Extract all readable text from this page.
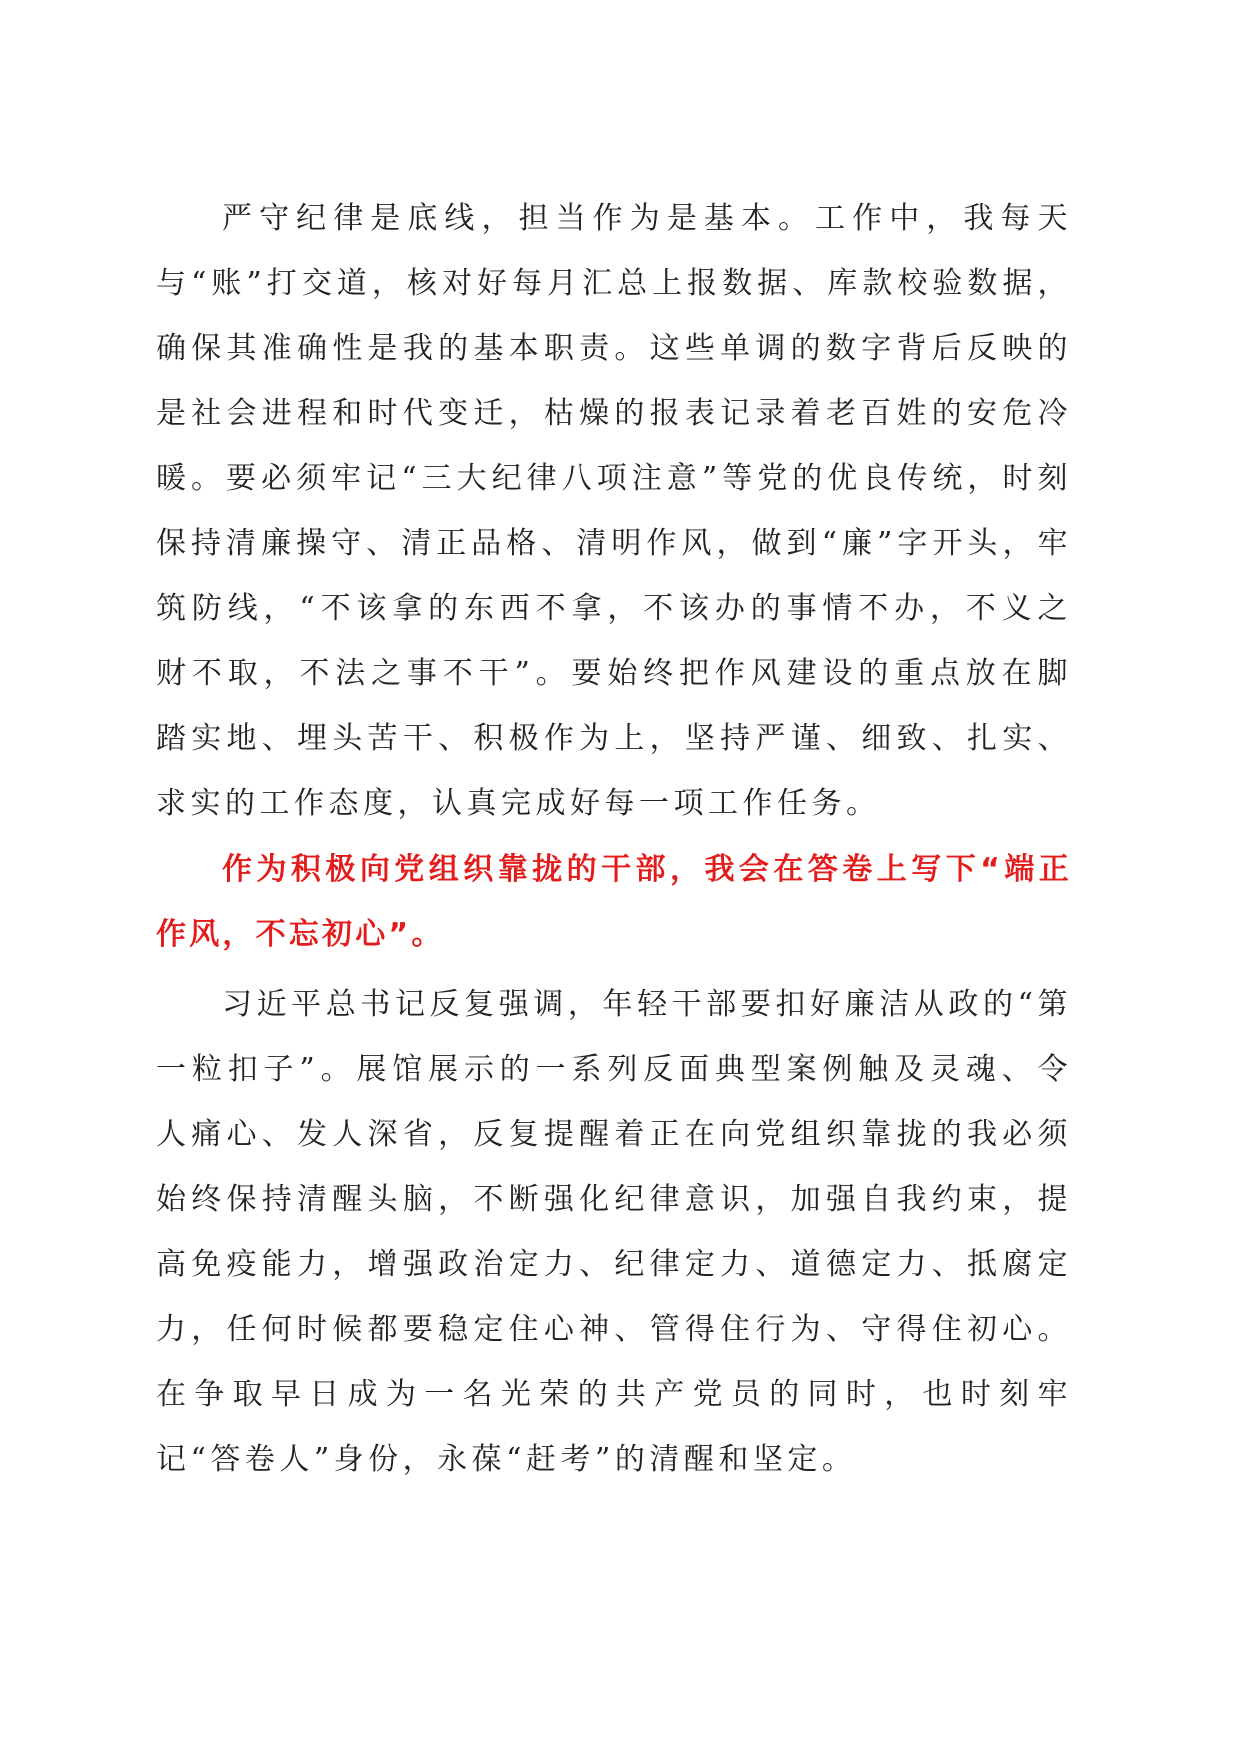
严守纪律是底线，担当作为是基本。工作中，我每天与“账”打交道，核对好每月汇总上报数据、库款校验数据，确保其准确性是我的基本职责。这些单调的数字背后反映的是社会进程和时代变迁，枯燥的报表记录着老百姓的安危冷暖。要必须牢记“三大纪律八项注意”等党的优良传统，时刻保持清廉操守、清正品格、清明作风，做到“廉”字开头，牢筑防线，“不该拿的东西不拿，不该办的事情不办，不义之财不取，不法之事不干”。要始终把作风建设的重点放在脚踏实地、埋头苦干、积极作为上，坚持严谨、细致、扎实、求实的工作态度，认真完成好每一项工作任务。

作为积极向党组织靠拢的干部，我会在答卷上写下“端正作风，不忘初心”。

习近平总书记反复强调，年轻干部要扣好廉洁从政的“第一粒扣子”。展馆展示的一系列反面典型案例触及灵魂、令人痛心、发人深省，反复提醒着正在向党组织靠拢的我必须始终保持清醒头脑，不断强化纪律意识，加强自我约束，提高免疫能力，增强政治定力、纪律定力、道德定力、抵腐定力，任何时候都要稳定住心神、管得住行为、守得住初心。在争取早日成为一名光荣的共产党员的同时，也时刻牢记“答卷人”身份，永葆“赶考”的清醒和坚定。
